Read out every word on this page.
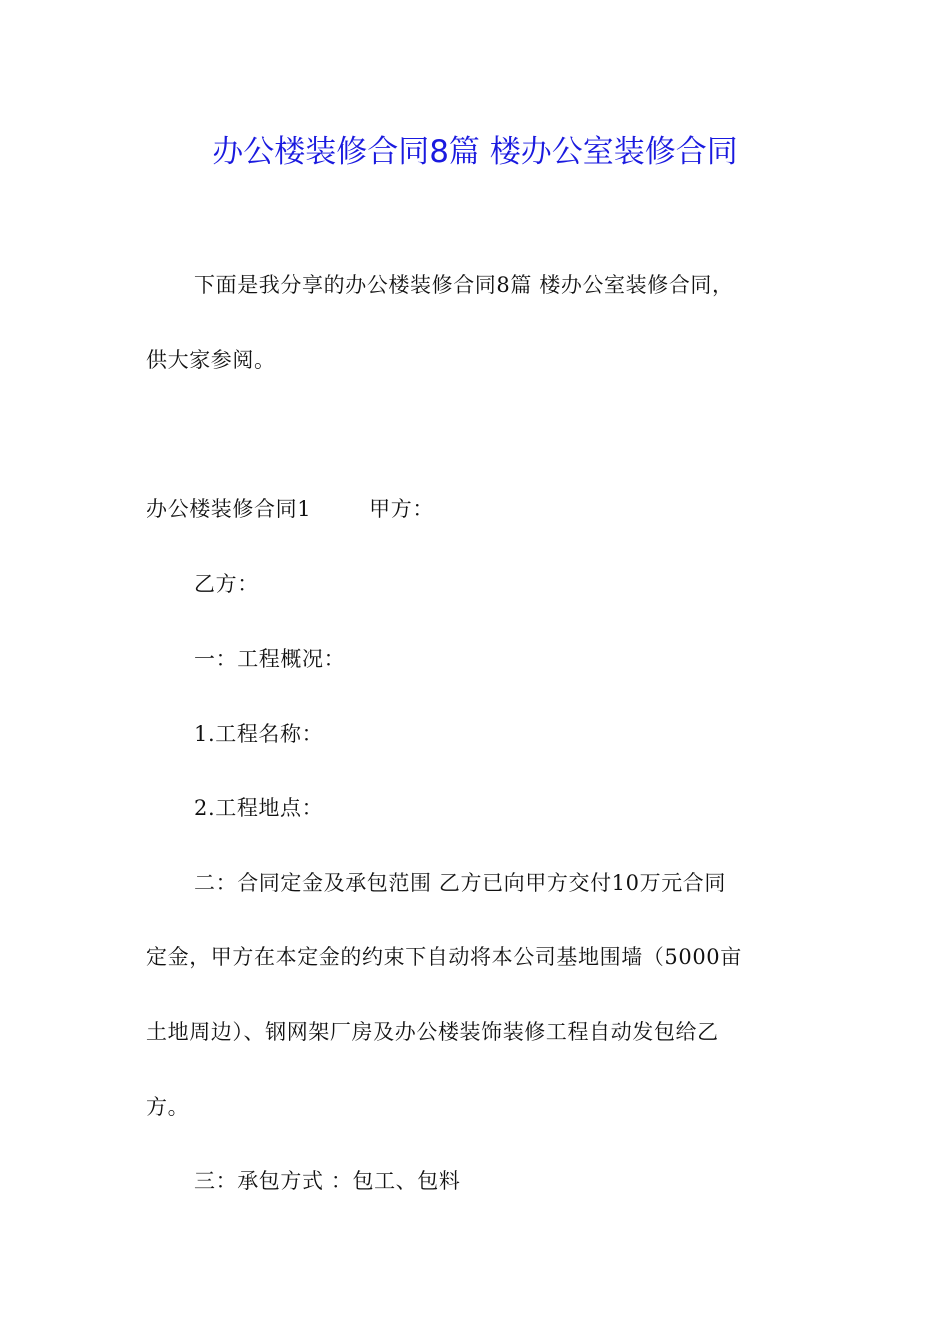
办公楼装修合同8篇 楼办公室装修合同
下面是我分享的办公楼装修合同8篇 楼办公室装修合同，
供大家参阅。
办公楼装修合同1	甲方：
乙方：
一：工程概况：
1.工程名称：
2.工程地点：
二：合同定金及承包范围 乙方已向甲方交付10万元合同
定金，甲方在本定金的约束下自动将本公司基地围墙（5000亩
土地周边）、钢网架厂房及办公楼装饰装修工程自动发包给乙
方。
三：承包方式 ：包工、包料
